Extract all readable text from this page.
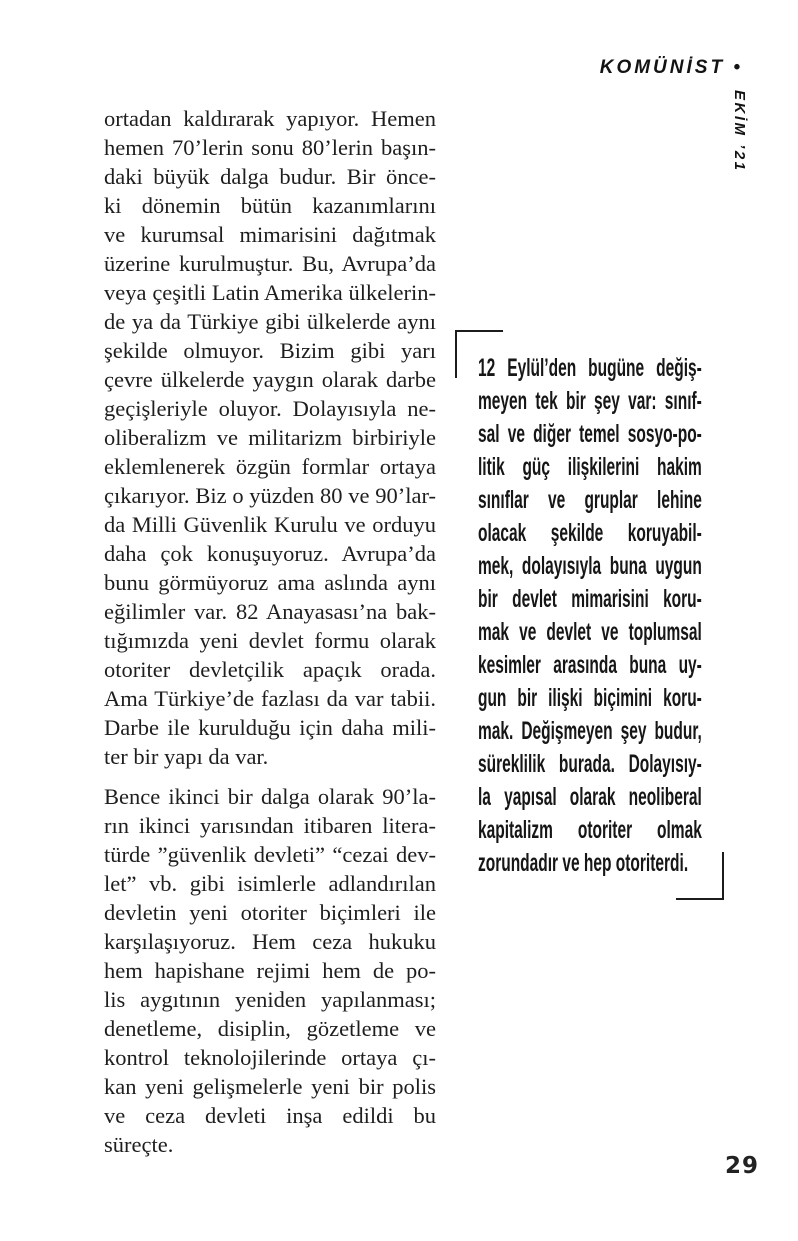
KOMÜNİST •
EKİM ’21
ortadan kaldırarak yapıyor. Hemen
hemen 70’lerin sonu 80’lerin başın-
daki büyük dalga budur. Bir önce-
ki dönemin bütün kazanımlarını
ve kurumsal mimarisini dağıtmak
üzerine kurulmuştur. Bu, Avrupa’da
veya çeşitli Latin Amerika ülkelerin-
de ya da Türkiye gibi ülkelerde aynı
şekilde olmuyor. Bizim gibi yarı
çevre ülkelerde yaygın olarak darbe
geçişleriyle oluyor. Dolayısıyla ne-
oliberalizm ve militarizm birbiriyle
eklemlenerek özgün formlar ortaya
çıkarıyor. Biz o yüzden 80 ve 90’lar-
da Milli Güvenlik Kurulu ve orduyu
daha çok konuşuyoruz. Avrupa’da
bunu görmüyoruz ama aslında aynı
eğilimler var. 82 Anayasası’na bak-
tığımızda yeni devlet formu olarak
otoriter devletçilik apaçık orada.
Ama Türkiye’de fazlası da var tabii.
Darbe ile kurulduğu için daha mili-
ter bir yapı da var.
Bence ikinci bir dalga olarak 90’la-
rın ikinci yarısından itibaren litera-
türde ”güvenlik devleti” “cezai dev-
let” vb. gibi isimlerle adlandırılan
devletin yeni otoriter biçimleri ile
karşılaşıyoruz. Hem ceza hukuku
hem hapishane rejimi hem de po-
lis aygıtının yeniden yapılanması;
denetleme, disiplin, gözetleme ve
kontrol teknolojilerinde ortaya çı-
kan yeni gelişmelerle yeni bir polis
ve ceza devleti inşa edildi bu süreçte.
12 Eylül’den bugüne değiş-
meyen tek bir şey var: sınıf-
sal ve diğer temel sosyo-po-
litik güç ilişkilerini hakim
sınıflar ve gruplar lehine
olacak şekilde koruyabil-
mek, dolayısıyla buna uygun
bir devlet mimarisini koru-
mak ve devlet ve toplumsal
kesimler arasında buna uy-
gun bir ilişki biçimini koru-
mak. Değişmeyen şey budur,
süreklilik burada. Dolayısıy-
la yapısal olarak neoliberal
kapitalizm otoriter olmak
zorundadır ve hep otoriterdi.
29
